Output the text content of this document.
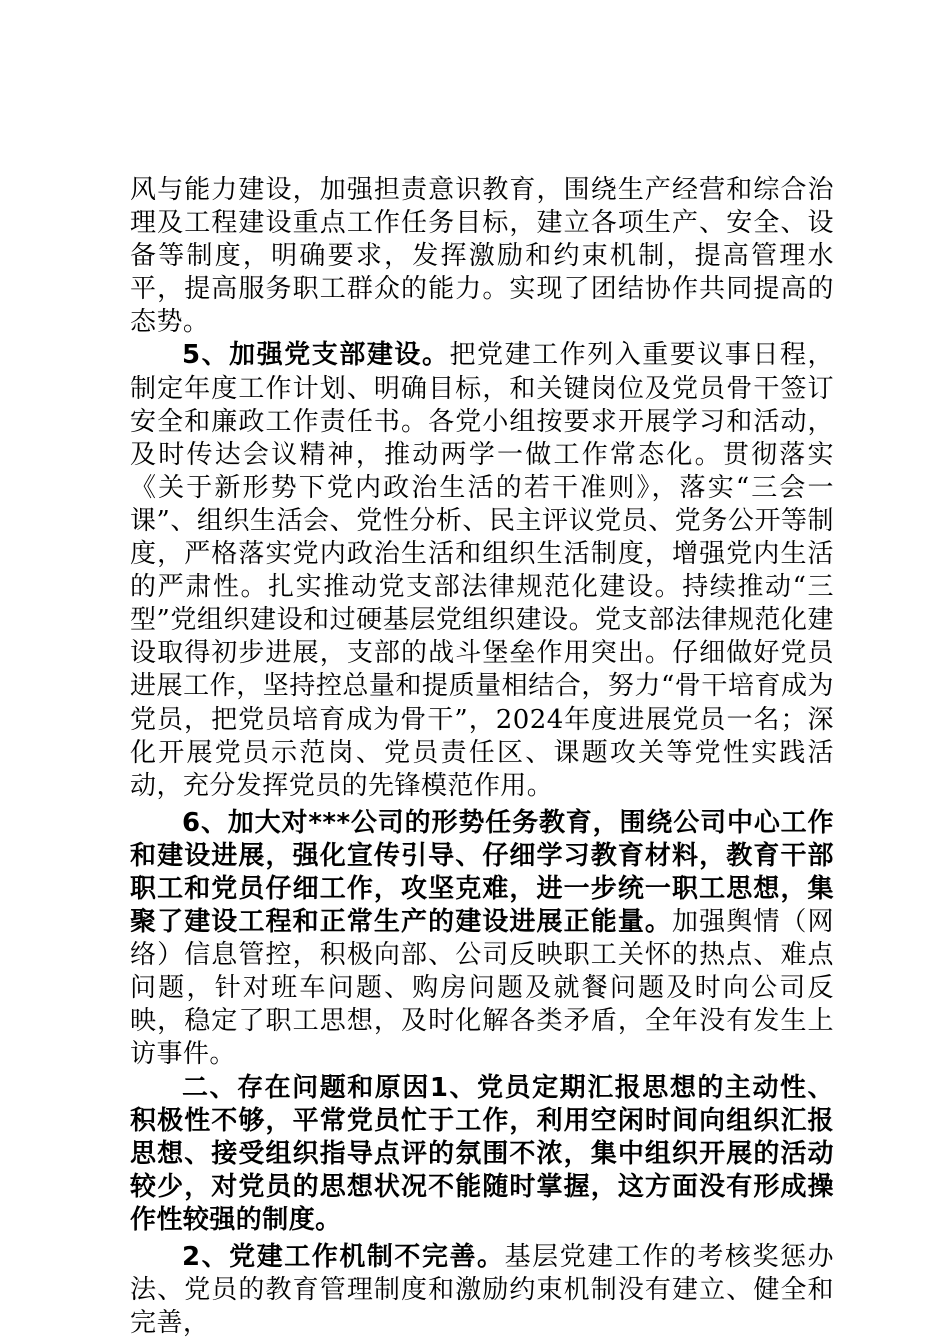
风与能力建设，加强担责意识教育，围绕生产经营和综合治理及工程建设重点工作任务目标，建立各项生产、安全、设备等制度，明确要求，发挥激励和约束机制，提高管理水平，提高服务职工群众的能力。实现了团结协作共同提高的态势。

5、加强党支部建设。把党建工作列入重要议事日程，制定年度工作计划、明确目标，和关键岗位及党员骨干签订安全和廉政工作责任书。各党小组按要求开展学习和活动，及时传达会议精神，推动两学一做工作常态化。贯彻落实《关于新形势下党内政治生活的若干准则》，落实“三会一课”、组织生活会、党性分析、民主评议党员、党务公开等制度，严格落实党内政治生活和组织生活制度，增强党内生活的严肃性。扎实推动党支部法律规范化建设。持续推动“三型”党组织建设和过硬基层党组织建设。党支部法律规范化建设取得初步进展，支部的战斗堡垒作用突出。仔细做好党员进展工作，坚持控总量和提质量相结合，努力“骨干培育成为党员，把党员培育成为骨干”，2024年度进展党员一名；深化开展党员示范岗、党员责任区、课题攻关等党性实践活动，充分发挥党员的先锋模范作用。

6、加大对***公司的形势任务教育，围绕公司中心工作和建设进展，强化宣传引导、仔细学习教育材料，教育干部职工和党员仔细工作，攻坚克难，进一步统一职工思想，集聚了建设工程和正常生产的建设进展正能量。加强舆情（网络）信息管控，积极向部、公司反映职工关怀的热点、难点问题，针对班车问题、购房问题及就餐问题及时向公司反映，稳定了职工思想，及时化解各类矛盾，全年没有发生上访事件。

二、存在问题和原因1、党员定期汇报思想的主动性、积极性不够，平常党员忙于工作，利用空闲时间向组织汇报思想、接受组织指导点评的氛围不浓，集中组织开展的活动较少，对党员的思想状况不能随时掌握，这方面没有形成操作性较强的制度。

2、党建工作机制不完善。基层党建工作的考核奖惩办法、党员的教育管理制度和激励约束机制没有建立、健全和完善，
